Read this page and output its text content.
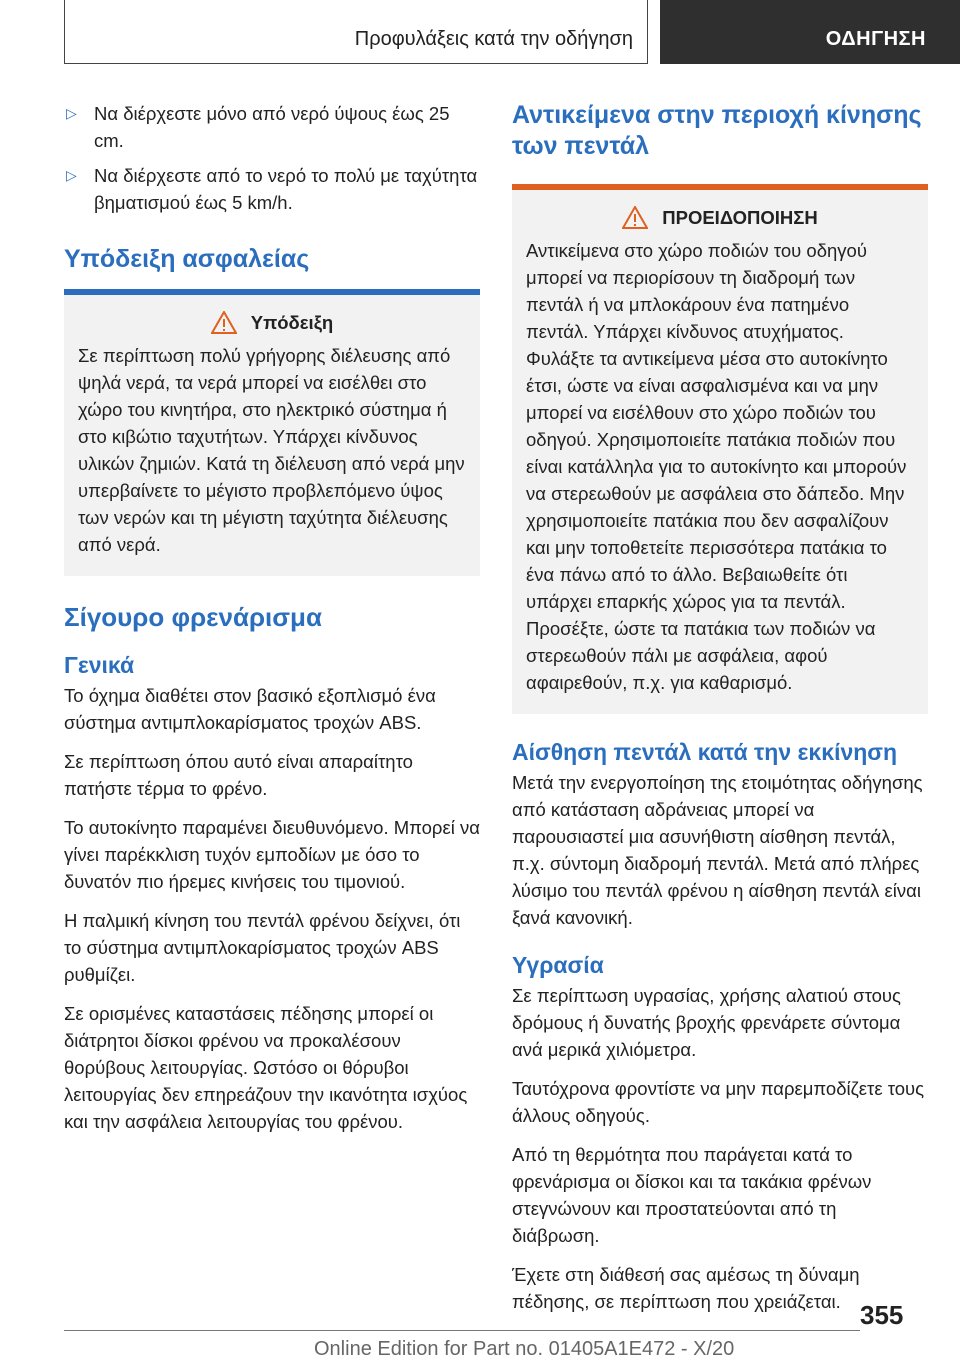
Προφυλάξεις κατά την οδήγηση	ΟΔΗΓΗΣΗ
▷ Να διέρχεστε μόνο από νερό ύψους έως 25 cm.
▷ Να διέρχεστε από το νερό το πολύ με ταχύτητα βηματισμού έως 5 km/h.
Υπόδειξη ασφαλείας
Υπόδειξη

Σε περίπτωση πολύ γρήγορης διέλευσης από ψηλά νερά, τα νερά μπορεί να εισέλθει στο χώρο του κινητήρα, στο ηλεκτρικό σύστημα ή στο κιβώτιο ταχυτήτων. Υπάρχει κίνδυνος υλικών ζημιών. Κατά τη διέλευση από νερά μην υπερβαίνετε το μέγιστο προβλεπόμενο ύψος των νερών και τη μέγιστη ταχύτητα διέλευσης από νερά.

Σίγουρο φρενάρισμα
Γενικά

Το όχημα διαθέτει στον βασικό εξοπλισμό ένα σύστημα αντιμπλοκαρίσματος τροχών ABS.

Σε περίπτωση όπου αυτό είναι απαραίτητο πατήστε τέρμα το φρένο.

Το αυτοκίνητο παραμένει διευθυνόμενο. Μπορεί να γίνει παρέκκλιση τυχόν εμποδίων με όσο το δυνατόν πιο ήρεμες κινήσεις του τιμονιού.

Η παλμική κίνηση του πεντάλ φρένου δείχνει, ότι το σύστημα αντιμπλοκαρίσματος τροχών ABS ρυθμίζει.

Σε ορισμένες καταστάσεις πέδησης μπορεί οι διάτρητοι δίσκοι φρένου να προκαλέσουν θορύβους λειτουργίας. Ωστόσο οι θόρυβοι λειτουργίας δεν επηρεάζουν την ικανότητα ισχύος και την ασφάλεια λειτουργίας του φρένου.

Αντικείμενα στην περιοχή κίνησης των πεντάλ
ΠΡΟΕΙΔΟΠΟΙΗΣΗ

Αντικείμενα στο χώρο ποδιών του οδηγού μπορεί να περιορίσουν τη διαδρομή των πεντάλ ή να μπλοκάρουν ένα πατημένο πεντάλ. Υπάρχει κίνδυνος ατυχήματος. Φυλάξτε τα αντικείμενα μέσα στο αυτοκίνητο έτσι, ώστε να είναι ασφαλισμένα και να μην μπορεί να εισέλθουν στο χώρο ποδιών του οδηγού. Χρησιμοποιείτε πατάκια ποδιών που είναι κατάλληλα για το αυτοκίνητο και μπορούν να στερεωθούν με ασφάλεια στο δάπεδο. Μην χρησιμοποιείτε πατάκια που δεν ασφαλίζουν και μην τοποθετείτε περισσότερα πατάκια το ένα πάνω από το άλλο. Βεβαιωθείτε ότι υπάρχει επαρκής χώρος για τα πεντάλ. Προσέξτε, ώστε τα πατάκια των ποδιών να στερεωθούν πάλι με ασφάλεια, αφού αφαιρεθούν, π.χ. για καθαρισμό.

Αίσθηση πεντάλ κατά την εκκίνηση

Μετά την ενεργοποίηση της ετοιμότητας οδήγησης από κατάσταση αδράνειας μπορεί να παρουσιαστεί μια ασυνήθιστη αίσθηση πεντάλ, π.χ. σύντομη διαδρομή πεντάλ. Μετά από πλήρες λύσιμο του πεντάλ φρένου η αίσθηση πεντάλ είναι ξανά κανονική.

Υγρασία

Σε περίπτωση υγρασίας, χρήσης αλατιού στους δρόμους ή δυνατής βροχής φρενάρετε σύντομα ανά μερικά χιλιόμετρα.

Ταυτόχρονα φροντίστε να μην παρεμποδίζετε τους άλλους οδηγούς.

Από τη θερμότητα που παράγεται κατά το φρενάρισμα οι δίσκοι και τα τακάκια φρένων στεγνώνουν και προστατεύονται από τη διάβρωση.

Έχετε στη διάθεσή σας αμέσως τη δύναμη πέδησης, σε περίπτωση που χρειάζεται. 355
Online Edition for Part no. 01405A1E472 - X/20
